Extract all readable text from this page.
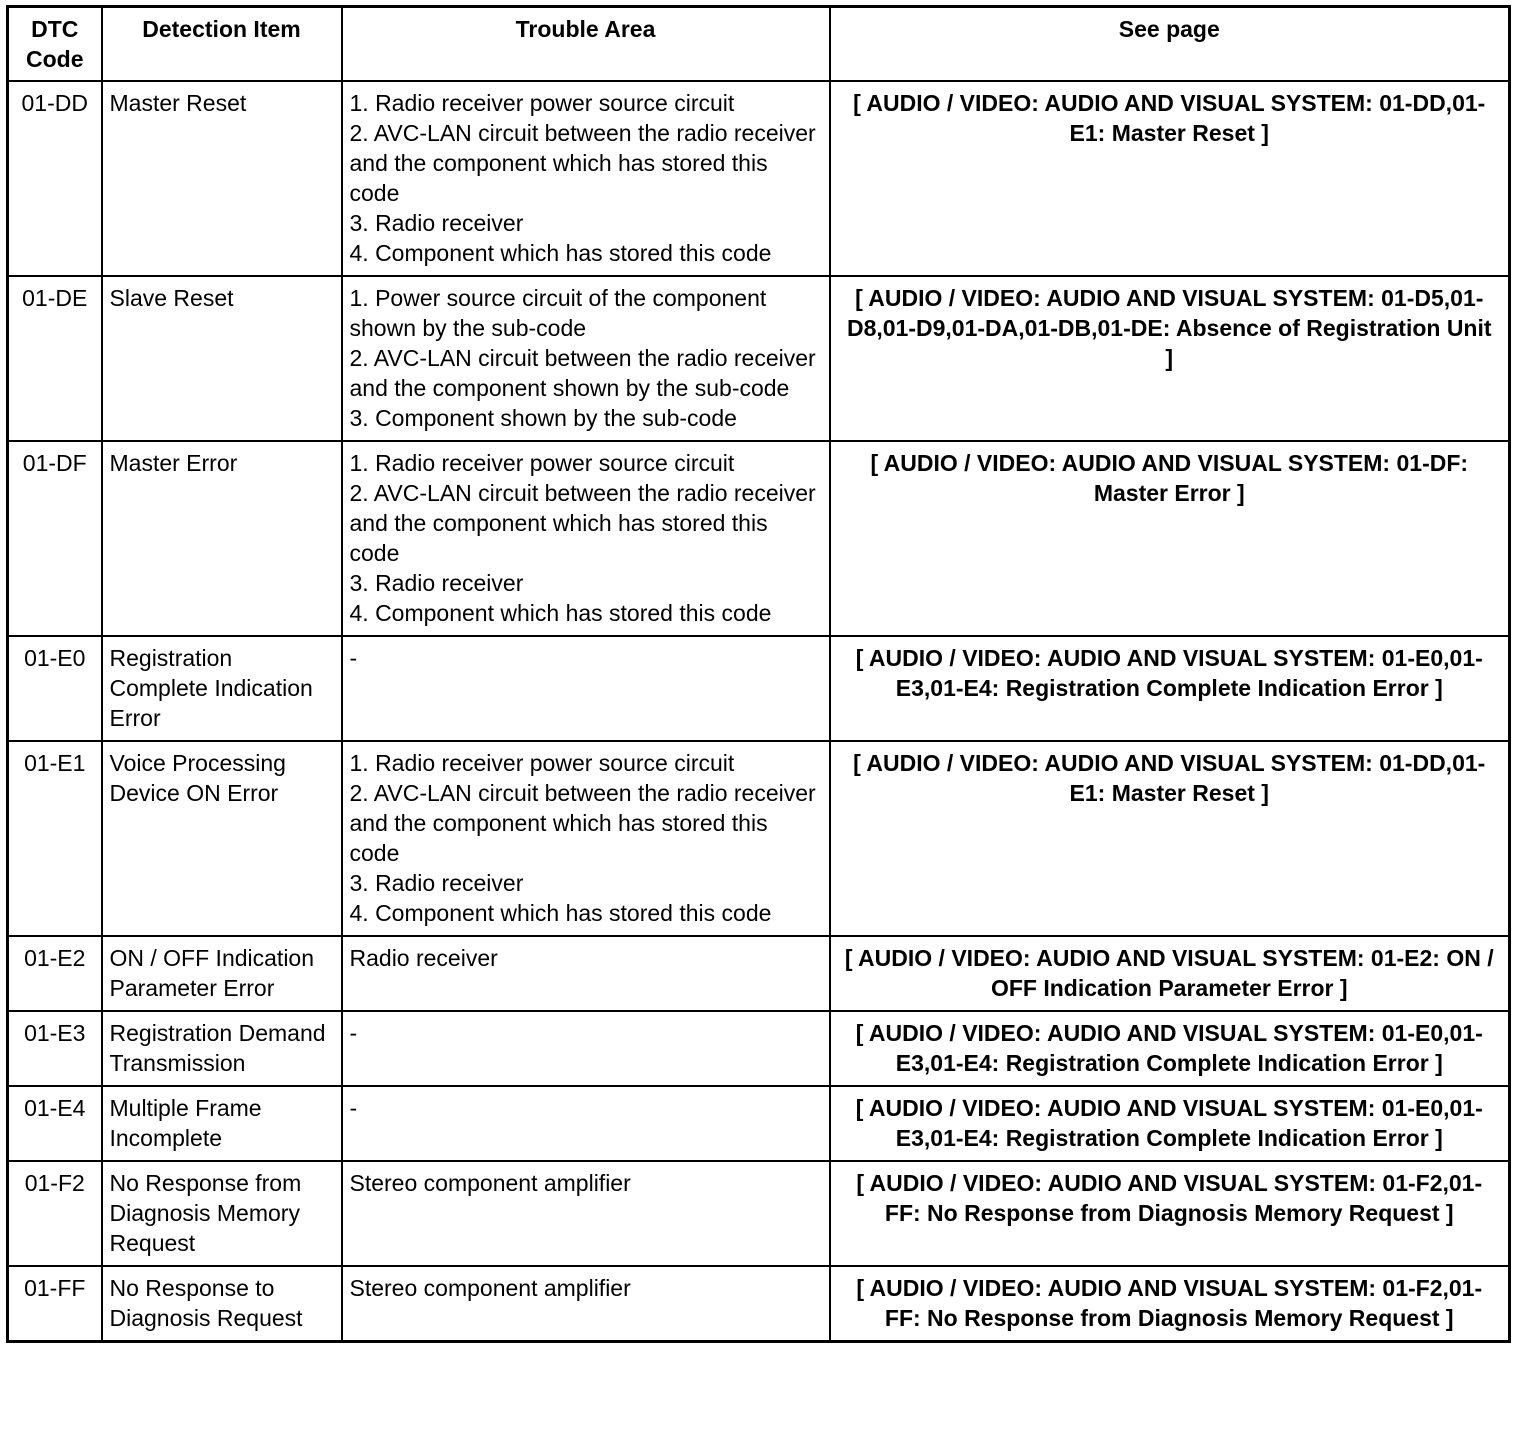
DTC Code	Detection Item	Trouble Area	See page
01-DD	Master Reset	1. Radio receiver power source circuit
2. AVC-LAN circuit between the radio receiver and the component which has stored this code
3. Radio receiver
4. Component which has stored this code	[ AUDIO / VIDEO: AUDIO AND VISUAL SYSTEM: 01-DD,01-E1: Master Reset ]
01-DE	Slave Reset	1. Power source circuit of the component shown by the sub-code
2. AVC-LAN circuit between the radio receiver and the component shown by the sub-code
3. Component shown by the sub-code	[ AUDIO / VIDEO: AUDIO AND VISUAL SYSTEM: 01-D5,01-D8,01-D9,01-DA,01-DB,01-DE: Absence of Registration Unit ]
01-DF	Master Error	1. Radio receiver power source circuit
2. AVC-LAN circuit between the radio receiver and the component which has stored this code
3. Radio receiver
4. Component which has stored this code	[ AUDIO / VIDEO: AUDIO AND VISUAL SYSTEM: 01-DF: Master Error ]
01-E0	Registration Complete Indication Error	-	[ AUDIO / VIDEO: AUDIO AND VISUAL SYSTEM: 01-E0,01-E3,01-E4: Registration Complete Indication Error ]
01-E1	Voice Processing Device ON Error	1. Radio receiver power source circuit
2. AVC-LAN circuit between the radio receiver and the component which has stored this code
3. Radio receiver
4. Component which has stored this code	[ AUDIO / VIDEO: AUDIO AND VISUAL SYSTEM: 01-DD,01-E1: Master Reset ]
01-E2	ON / OFF Indication Parameter Error	Radio receiver	[ AUDIO / VIDEO: AUDIO AND VISUAL SYSTEM: 01-E2: ON / OFF Indication Parameter Error ]
01-E3	Registration Demand Transmission	-	[ AUDIO / VIDEO: AUDIO AND VISUAL SYSTEM: 01-E0,01-E3,01-E4: Registration Complete Indication Error ]
01-E4	Multiple Frame Incomplete	-	[ AUDIO / VIDEO: AUDIO AND VISUAL SYSTEM: 01-E0,01-E3,01-E4: Registration Complete Indication Error ]
01-F2	No Response from Diagnosis Memory Request	Stereo component amplifier	[ AUDIO / VIDEO: AUDIO AND VISUAL SYSTEM: 01-F2,01-FF: No Response from Diagnosis Memory Request ]
01-FF	No Response to Diagnosis Request	Stereo component amplifier	[ AUDIO / VIDEO: AUDIO AND VISUAL SYSTEM: 01-F2,01-FF: No Response from Diagnosis Memory Request ]
